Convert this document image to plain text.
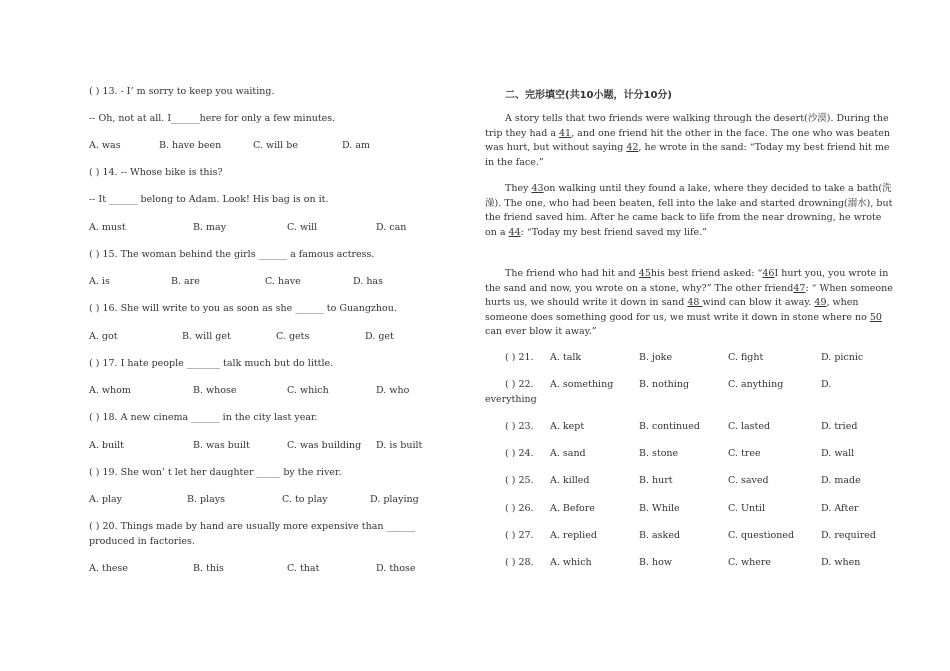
( ) 13. - I’ m sorry to keep you waiting.
-- Oh, not at all. I______here for only a few minutes.
A. was	B. have been	C. will be	D. am
( ) 14. -- Whose bike is this?
-- It ______ belong to Adam. Look! His bag is on it.
A. must	B. may	C. will	D. can
( ) 15. The woman behind the girls ______ a famous actress.
A. is	B. are	C. have	D. has
( ) 16. She will write to you as soon as she ______ to Guangzhou.
A. got	B. will get	C. gets	D. get
( ) 17. I hate people _______ talk much but do little.
A. whom	B. whose	C. which	D. who
( ) 18. A new cinema ______ in the city last year.
A. built	B. was built	C. was building D. is built
( ) 19. She won’ t let her daughter _____ by the river.
A. play	B. plays	C. to play	D. playing
( ) 20. Things made by hand are usually more expensive than ______
produced in factories.
A. these	B. this	C. that	D. those
二、完形填空(共10小题，计分10分)

A story tells that two friends were walking through the desert(沙漠). During the trip they had a 41, and one friend hit the other in the face. The one who was beaten was hurt, but without saying 42, he wrote in the sand: “Today my best friend hit me in the face.”

They 43on walking until they found a lake, where they decided to take a bath(洗澡). The one, who had been beaten, fell into the lake and started drowning(溺水), but the friend saved him. After he came back to life from the near drowning, he wrote on a 44: “Today my best friend saved my life.”

The friend who had hit and 45his best friend asked: “46I hurt you, you wrote in the sand and now, you wrote on a stone, why?” The other friend47: “ When someone hurts us, we should write it down in sand 48 wind can blow it away. 49, when someone does something good for us, we must write it down in stone where no 50 can ever blow it away.”

( ) 21. A. talk	B. joke	C. fight	D. picnic
( ) 22. A. something	B. nothing	C. anything	D.
everything
( ) 23. A. kept	B. continued	C. lasted	D. tried
( ) 24. A. sand	B. stone	C. tree	D. wall
( ) 25. A. killed	B. hurt	C. saved	D. made
( ) 26. A. Before	B. While	C. Until	D. After
( ) 27. A. replied	B. asked	C. questioned	D. required
( ) 28. A. which	B. how	C. where	D. when
